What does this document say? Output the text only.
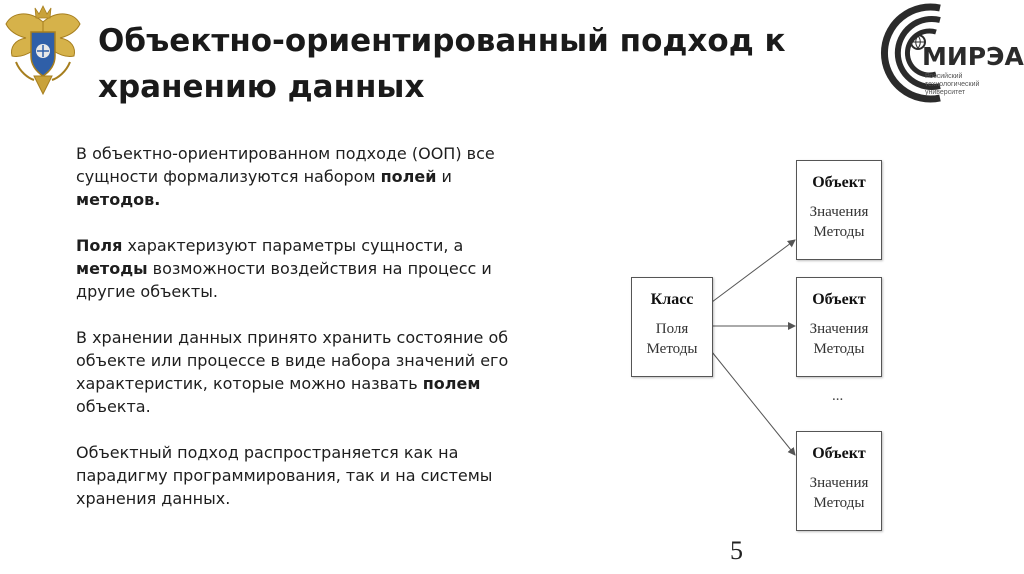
Объектно-ориентированный подход к
хранению данных
МИРЭА
Российский
технологический
университет

В объектно-ориентированном подходе (ООП) все сущности формализуются набором полей и методов.

Поля характеризуют параметры сущности, а методы возможности воздействия на процесс и другие объекты.

В хранении данных принято хранить состояние об объекте или процессе в виде набора значений его характеристик, которые можно назвать полем объекта.

Объектный подход распространяется как на парадигму программирования, так и на системы хранения данных.

Класс
Поля
Методы
Объект
Значения
Методы
Объект
Значения
Методы
...
Объект
Значения
Методы
5
